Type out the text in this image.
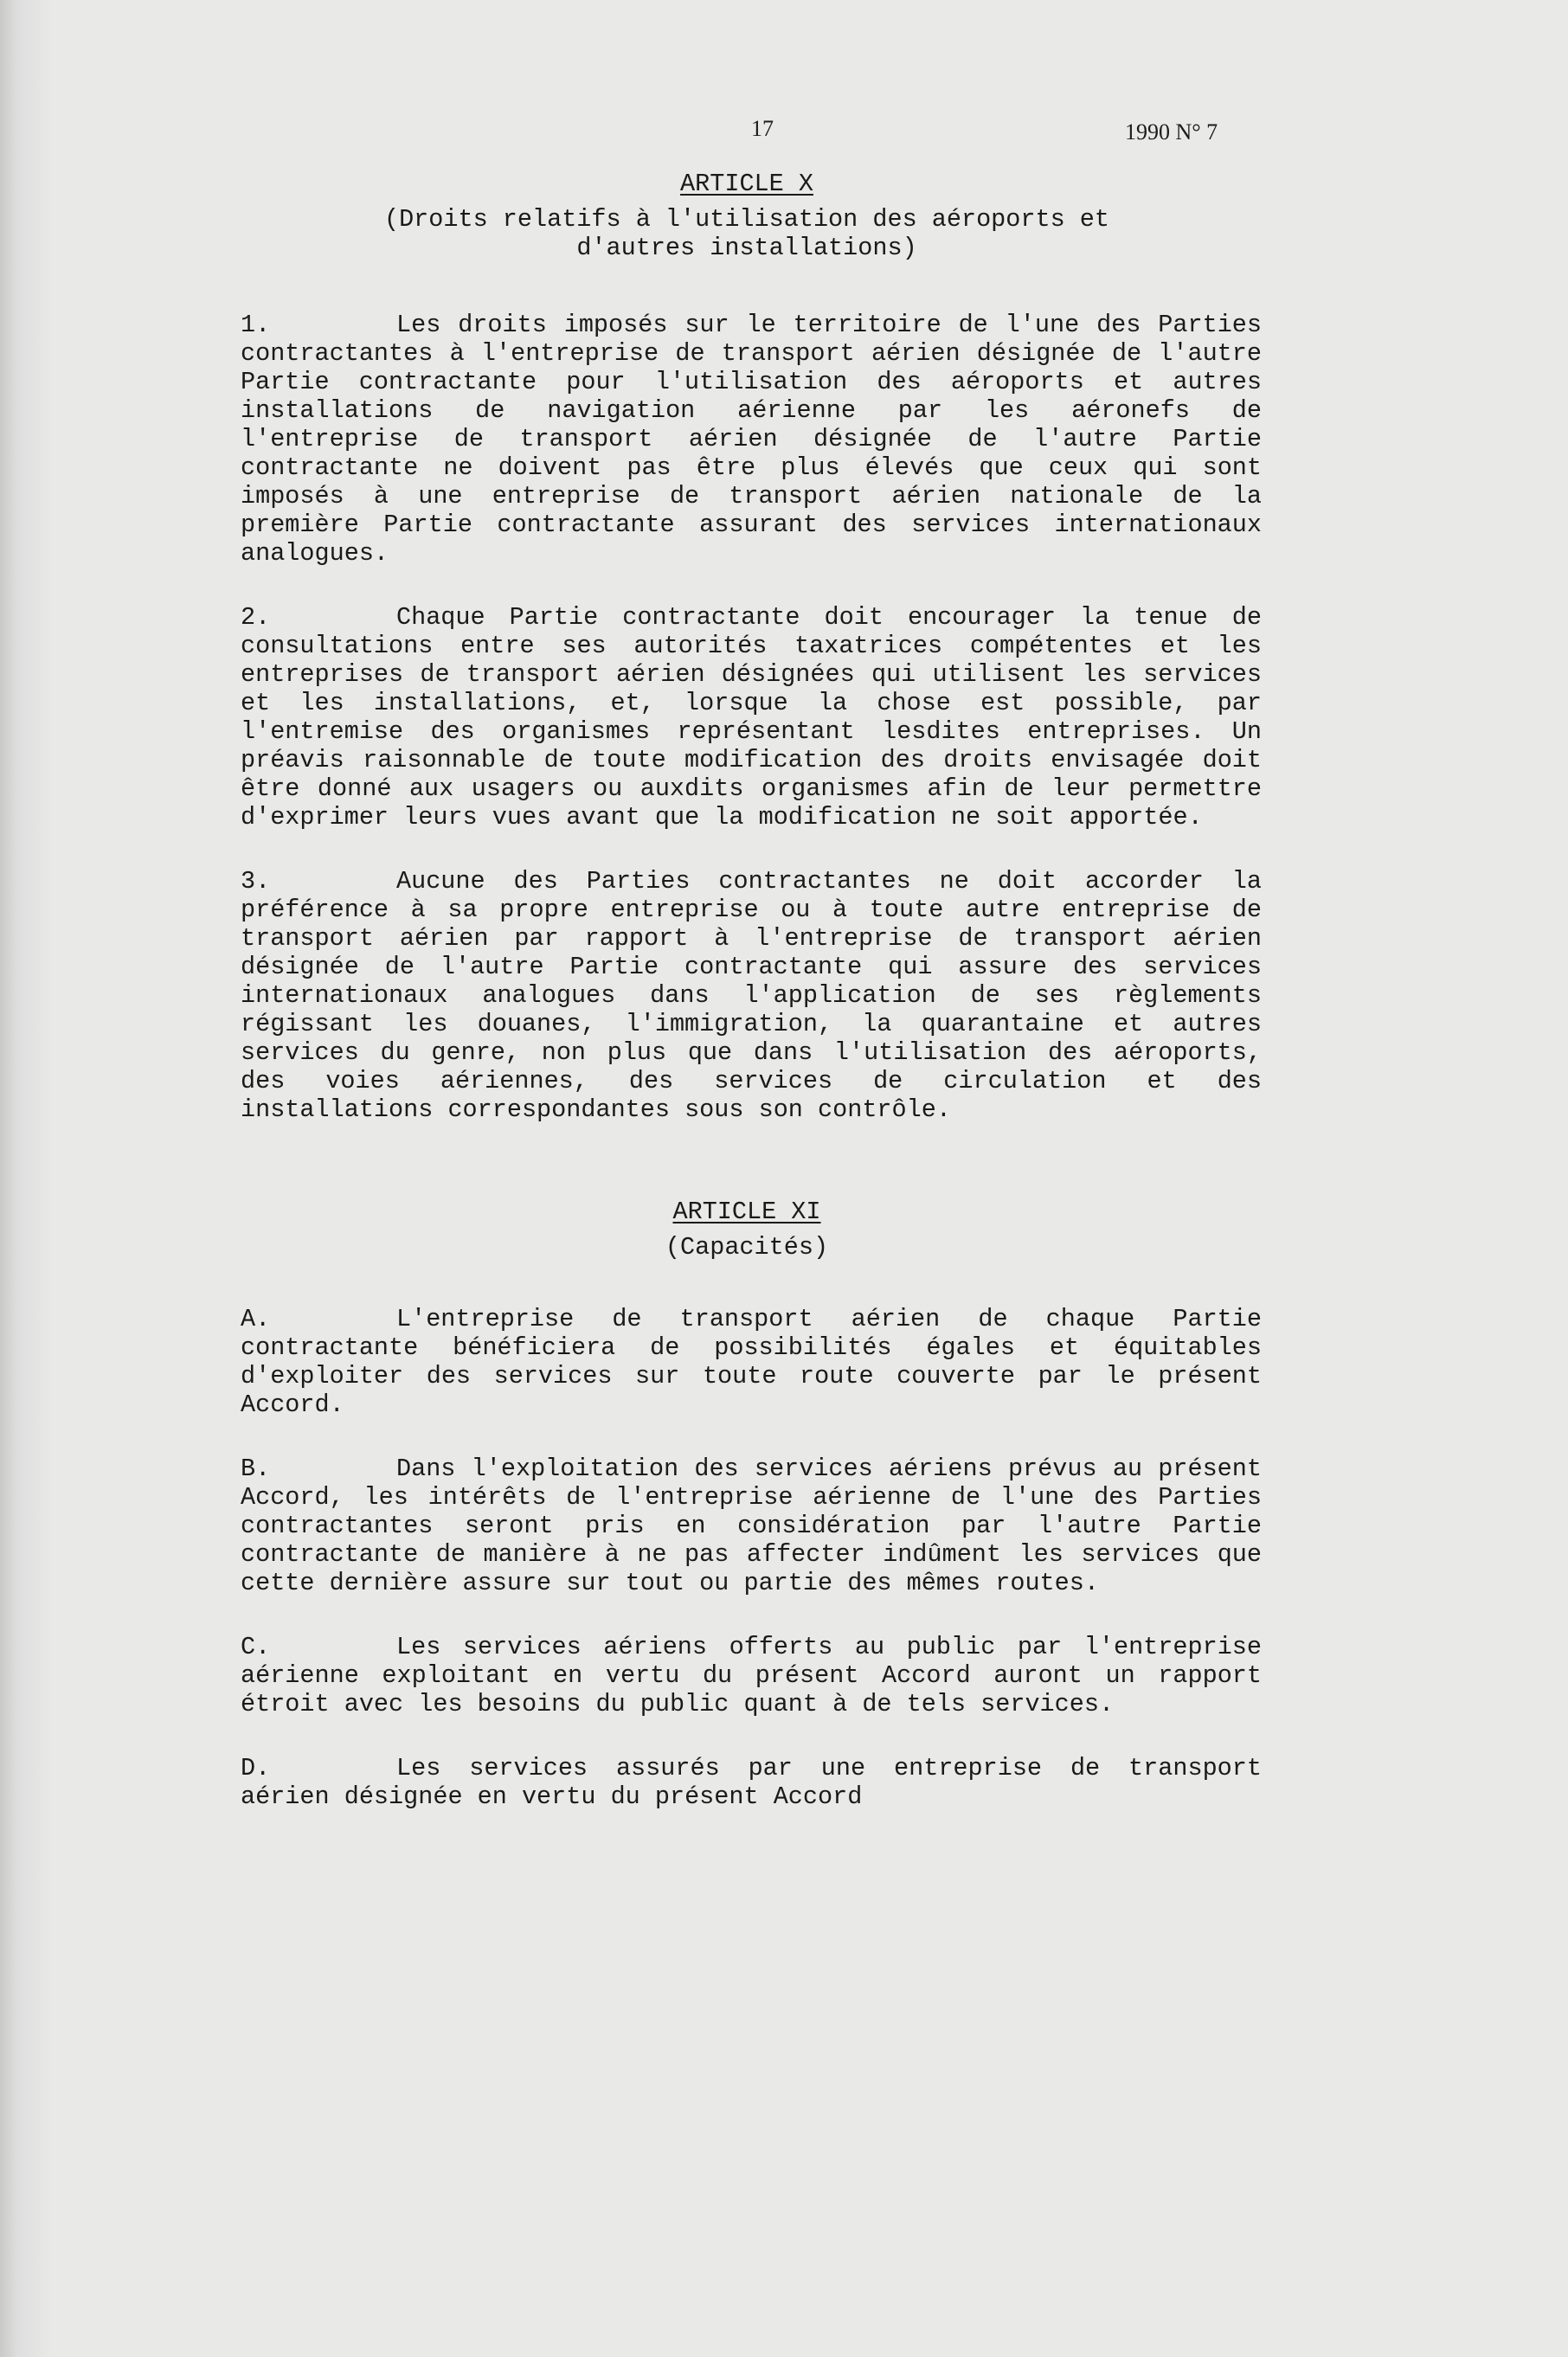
17	1990 N° 7
ARTICLE X
(Droits relatifs à l'utilisation des aéroports et
d'autres installations)
1.	Les droits imposés sur le territoire de l'une des Parties contractantes à l'entreprise de transport aérien désignée de l'autre Partie contractante pour l'utilisation des aéroports et autres installations de navigation aérienne par les aéronefs de l'entreprise de transport aérien désignée de l'autre Partie contractante ne doivent pas être plus élevés que ceux qui sont imposés à une entreprise de transport aérien nationale de la première Partie contractante assurant des services internationaux analogues.
2.	Chaque Partie contractante doit encourager la tenue de consultations entre ses autorités taxatrices compétentes et les entreprises de transport aérien désignées qui utilisent les services et les installations, et, lorsque la chose est possible, par l'entremise des organismes représentant lesdites entreprises. Un préavis raisonnable de toute modification des droits envisagée doit être donné aux usagers ou auxdits organismes afin de leur permettre d'exprimer leurs vues avant que la modification ne soit apportée.
3.	Aucune des Parties contractantes ne doit accorder la préférence à sa propre entreprise ou à toute autre entreprise de transport aérien par rapport à l'entreprise de transport aérien désignée de l'autre Partie contractante qui assure des services internationaux analogues dans l'application de ses règlements régissant les douanes, l'immigration, la quarantaine et autres services du genre, non plus que dans l'utilisation des aéroports, des voies aériennes, des services de circulation et des installations correspondantes sous son contrôle.
ARTICLE XI
(Capacités)
A.	L'entreprise de transport aérien de chaque Partie contractante bénéficiera de possibilités égales et équitables d'exploiter des services sur toute route couverte par le présent Accord.
B.	Dans l'exploitation des services aériens prévus au présent Accord, les intérêts de l'entreprise aérienne de l'une des Parties contractantes seront pris en considération par l'autre Partie contractante de manière à ne pas affecter indûment les services que cette dernière assure sur tout ou partie des mêmes routes.
C.	Les services aériens offerts au public par l'entreprise aérienne exploitant en vertu du présent Accord auront un rapport étroit avec les besoins du public quant à de tels services.
D.	Les services assurés par une entreprise de transport aérien désignée en vertu du présent Accord
